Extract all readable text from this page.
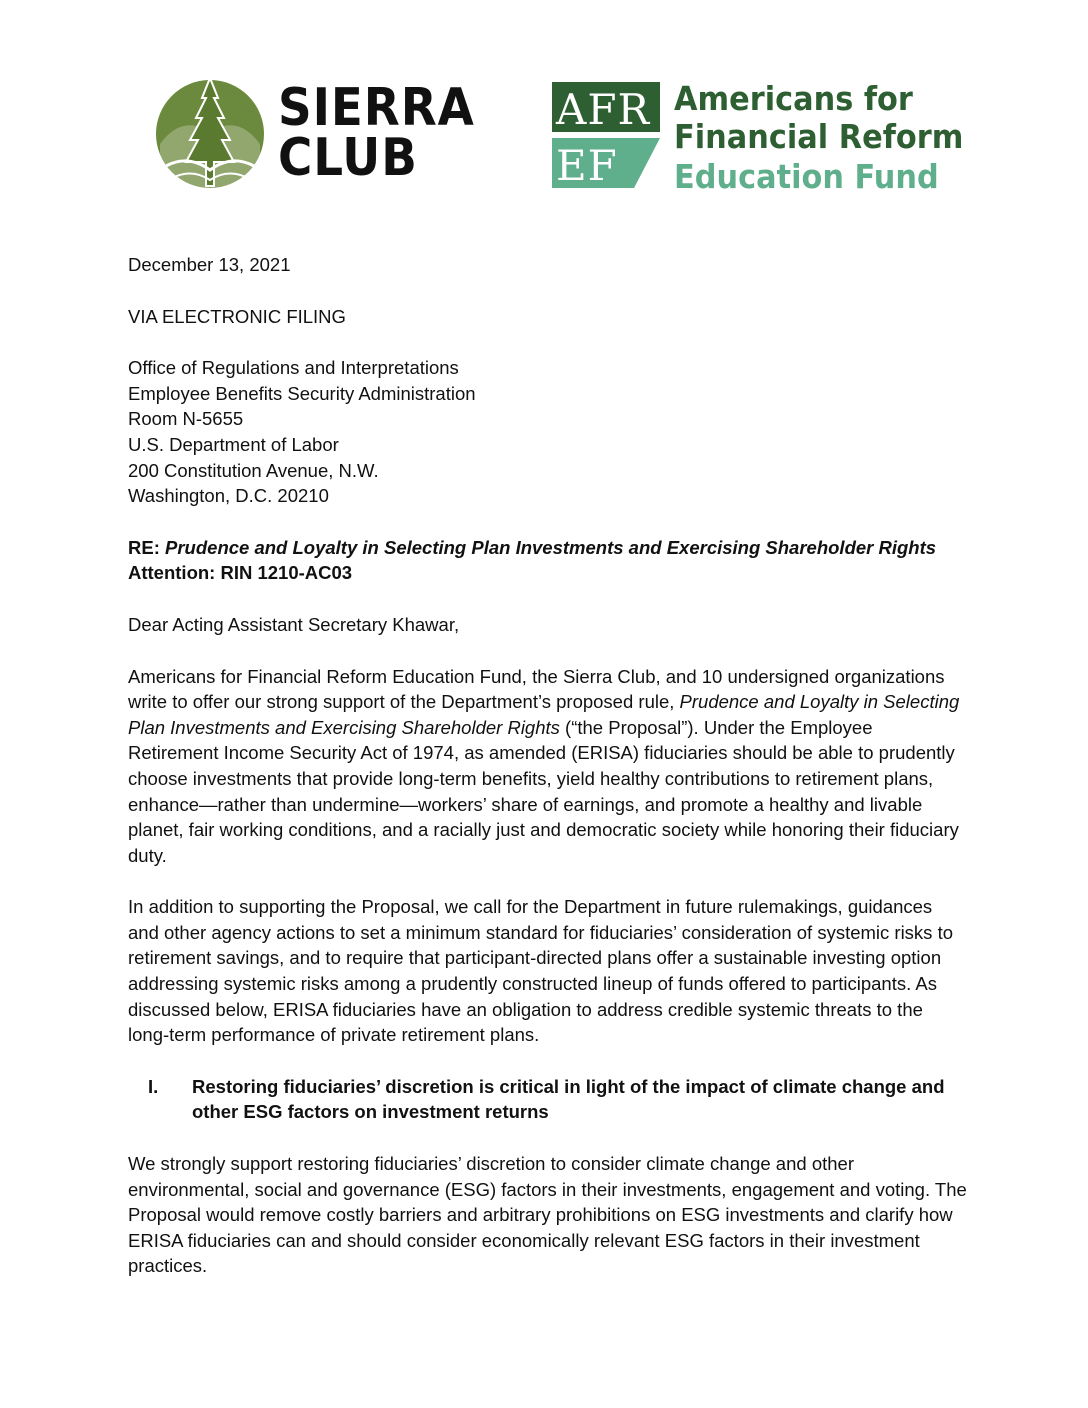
SIERRA
CLUB
AFR
EF
Americans for
Financial Reform
Education Fund

December 13, 2021

VIA ELECTRONIC FILING

Office of Regulations and Interpretations
Employee Benefits Security Administration
Room N-5655
U.S. Department of Labor
200 Constitution Avenue, N.W.
Washington, D.C. 20210

RE: Prudence and Loyalty in Selecting Plan Investments and Exercising Shareholder Rights

Attention: RIN 1210-AC03

Dear Acting Assistant Secretary Khawar,

Americans for Financial Reform Education Fund, the Sierra Club, and 10 undersigned organizations write to offer our strong support of the Department’s proposed rule, Prudence and Loyalty in Selecting Plan Investments and Exercising Shareholder Rights (“the Proposal”). Under the Employee Retirement Income Security Act of 1974, as amended (ERISA) fiduciaries should be able to prudently choose investments that provide long-term benefits, yield healthy contributions to retirement plans, enhance—rather than undermine—workers’ share of earnings, and promote a healthy and livable planet, fair working conditions, and a racially just and democratic society while honoring their fiduciary duty.

In addition to supporting the Proposal, we call for the Department in future rulemakings, guidances and other agency actions to set a minimum standard for fiduciaries’ consideration of systemic risks to retirement savings, and to require that participant-directed plans offer a sustainable investing option addressing systemic risks among a prudently constructed lineup of funds offered to participants. As discussed below, ERISA fiduciaries have an obligation to address credible systemic threats to the long-term performance of private retirement plans.

I. Restoring fiduciaries’ discretion is critical in light of the impact of climate change and other ESG factors on investment returns

We strongly support restoring fiduciaries’ discretion to consider climate change and other environmental, social and governance (ESG) factors in their investments, engagement and voting. The Proposal would remove costly barriers and arbitrary prohibitions on ESG investments and clarify how ERISA fiduciaries can and should consider economically relevant ESG factors in their investment practices.
